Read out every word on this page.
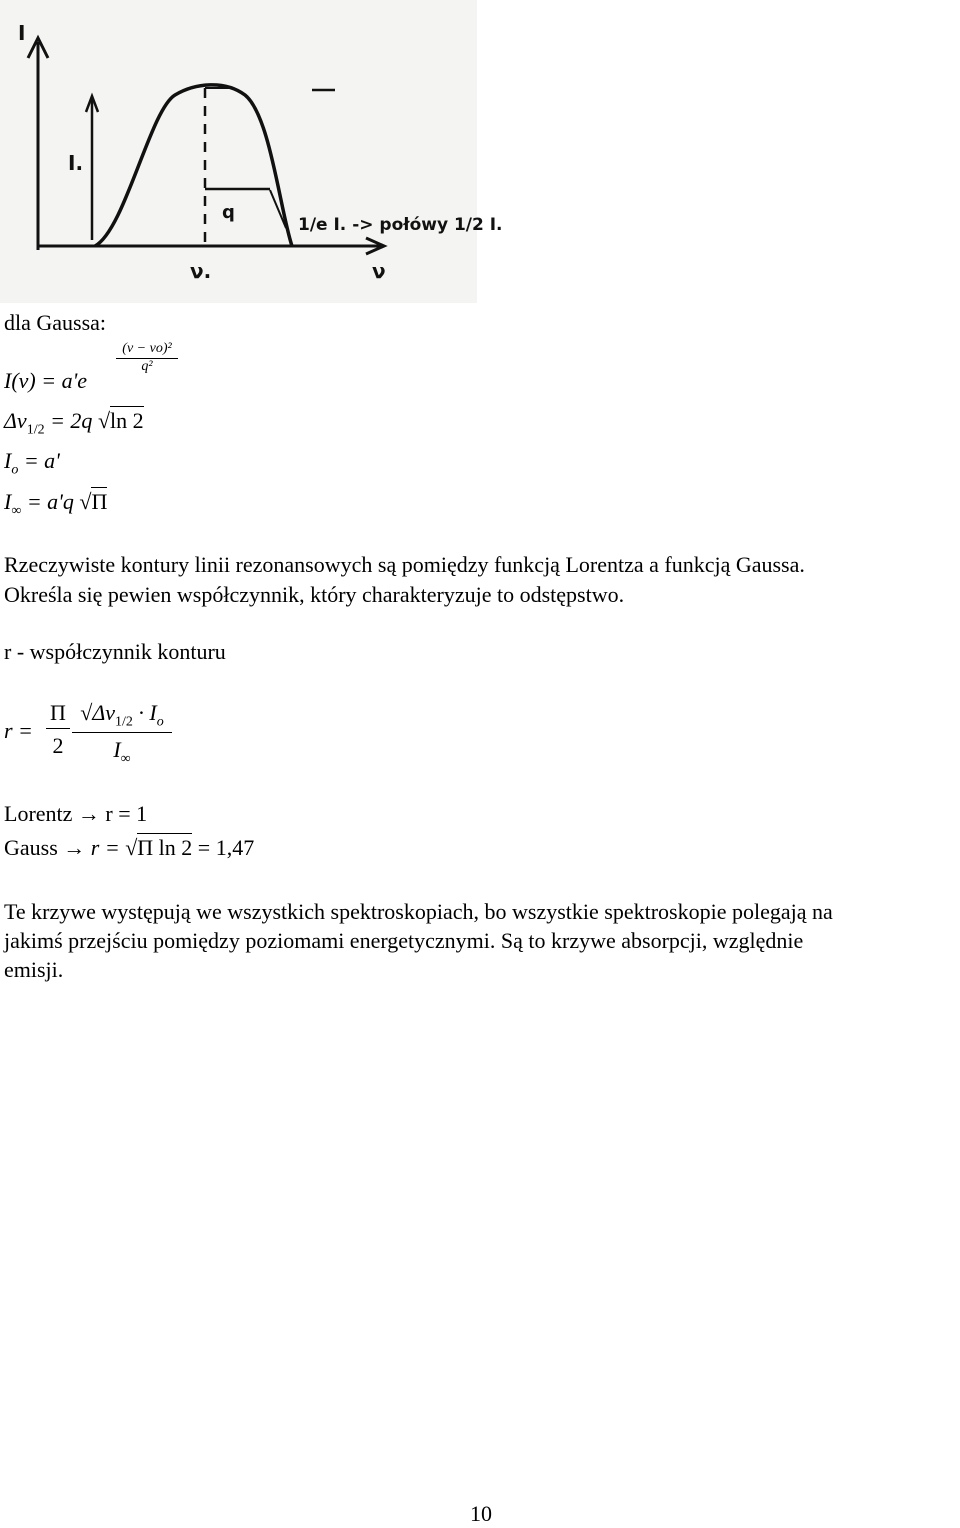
q
1/e I. -> połówy 1/2 I.
I.
ν.	ν
I
dla Gaussa:
I(ν) = a'e
$\frac{\text{(ν − νo)²}}{\text{q²}}$
$\Delta\nu_{1/2} = 2q$ √ln 2
$I_o = a'$
$I_\infty = a'q$ √Π
Rzeczywiste kontury linii rezonansowych są pomiędzy funkcją Lorentza a funkcją Gaussa.
Określa się pewien współczynnik, który charakteryzuje to odstępstwo.
r - współczynnik konturu
$r = \frac{\Pi}{2} \frac{√\Delta\nu_{1/2} \cdot I_o}{I_\infty}$
Lorentz → r = 1
Gauss → r = √Π ln 2 = 1,47
Te krzywe występują we wszystkich spektroskopiach, bo wszystkie spektroskopie polegają na
jakimś przejściu pomiędzy poziomami energetycznymi. Są to krzywe absorpcji, względnie
emisji.
10
